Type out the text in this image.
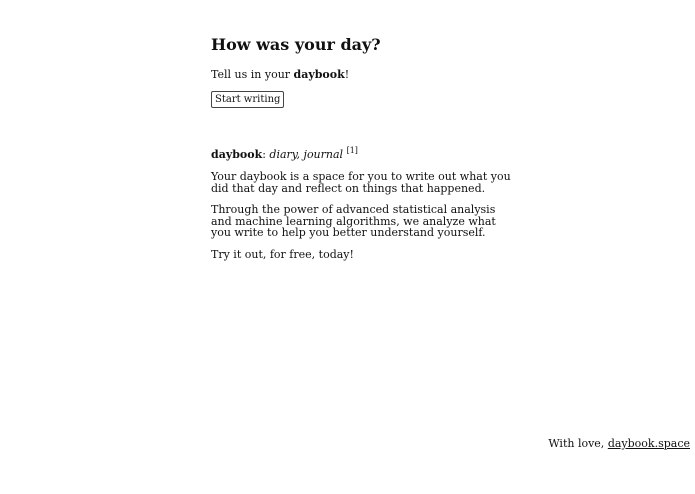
How was your day?

Tell us in your daybook!

Start writing

daybook: diary, journal [1]

Your daybook is a space for you to write out what you did that day and reflect on things that happened.

Through the power of advanced statistical analysis and machine learning algorithms, we analyze what you write to help you better understand yourself.

Try it out, for free, today!

With love, daybook.space
